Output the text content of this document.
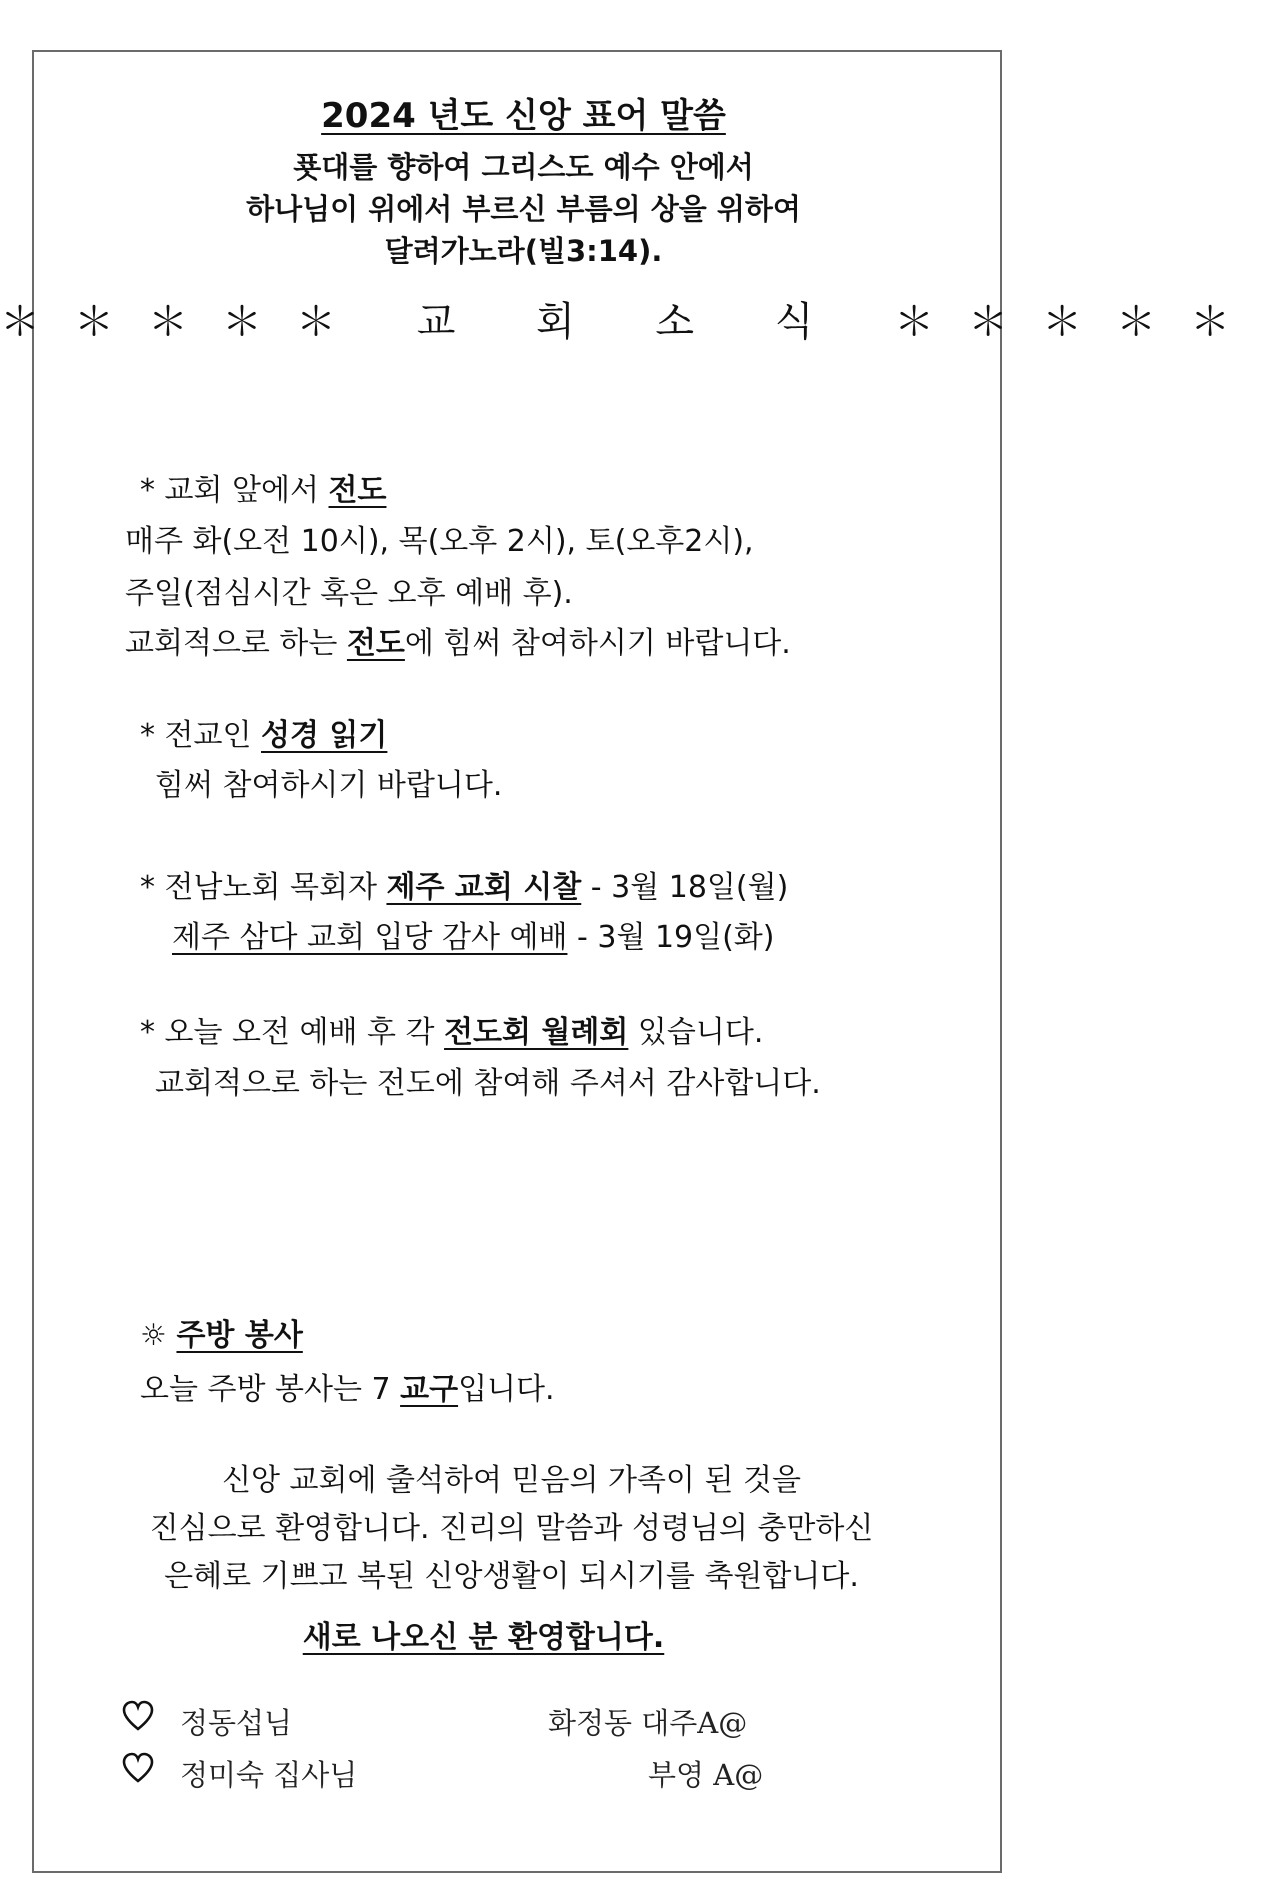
2024 년도 신앙 표어 말씀
푯대를 향하여 그리스도 예수 안에서
하나님이 위에서 부르신 부름의 상을 위하여
달려가노라(빌3:14).
＊＊＊＊＊ 교 회 소 식 ＊＊＊＊＊
* 교회 앞에서 전도
매주 화(오전 10시), 목(오후 2시), 토(오후2시),
주일(점심시간 혹은 오후 예배 후).
교회적으로 하는 전도에 힘써 참여하시기 바랍니다.
* 전교인 성경 읽기
힘써 참여하시기 바랍니다.
* 전남노회 목회자 제주 교회 시찰 - 3월 18일(월)
제주 삼다 교회 입당 감사 예배 - 3월 19일(화)
* 오늘 오전 예배 후 각 전도회 월례회 있습니다.
교회적으로 하는 전도에 참여해 주셔서 감사합니다.
☼ 주방 봉사
오늘 주방 봉사는 7 교구입니다.
신앙 교회에 출석하여 믿음의 가족이 된 것을
진심으로 환영합니다. 진리의 말씀과 성령님의 충만하신
은혜로 기쁘고 복된 신앙생활이 되시기를 축원합니다.
새로 나오신 분 환영합니다.
정동섭님	화정동 대주A@
정미숙 집사님	부영 A@
